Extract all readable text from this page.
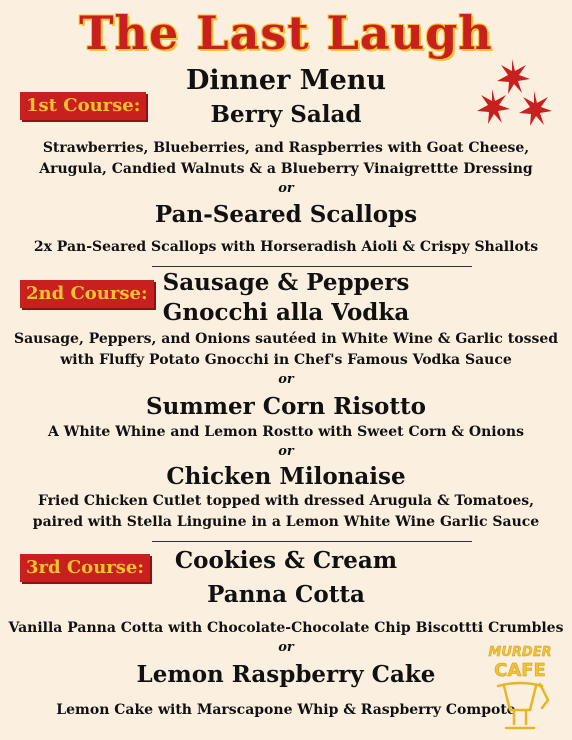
The Last Laugh
Dinner Menu
1st Course:	Berry Salad
Strawberries, Blueberries, and Raspberries with Goat Cheese,
Arugula, Candied Walnuts & a Blueberry Vinaigrettte Dressing
or
Pan-Seared Scallops
2x Pan-Seared Scallops with Horseradish Aioli & Crispy Shallots
2nd Course: Sausage & Peppers
Gnocchi alla Vodka
Sausage, Peppers, and Onions sautéed in White Wine & Garlic tossed
with Fluffy Potato Gnocchi in Chef's Famous Vodka Sauce
or
Summer Corn Risotto
A White Whine and Lemon Rostto with Sweet Corn & Onions
or
Chicken Milonaise
Fried Chicken Cutlet topped with dressed Arugula & Tomatoes,
paired with Stella Linguine in a Lemon White Wine Garlic Sauce
3rd Course:	Cookies & Cream
Panna Cotta
Vanilla Panna Cotta with Chocolate-Chocolate Chip Biscottti Crumbles
or
Lemon Raspberry Cake
Lemon Cake with Marscapone Whip & Raspberry Compote
MURDER
CAFE
